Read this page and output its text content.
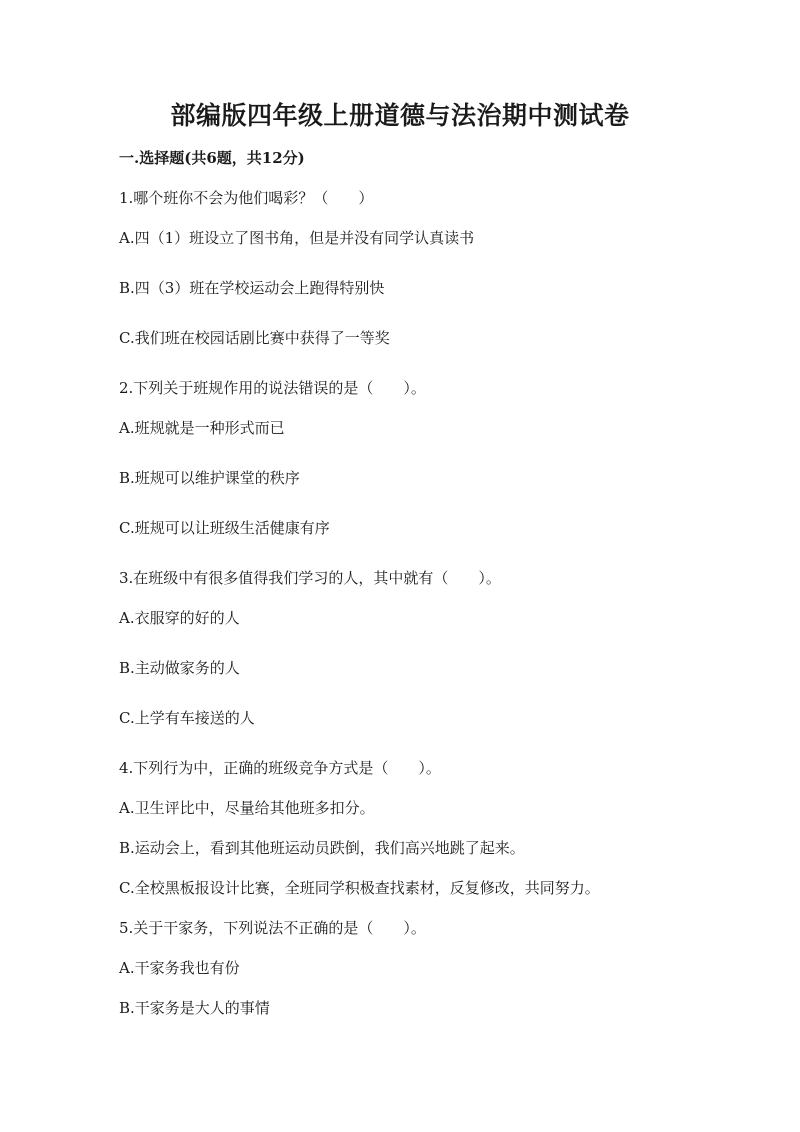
部编版四年级上册道德与法治期中测试卷
一.选择题(共6题，共12分)
1.哪个班你不会为他们喝彩？（　　）
A.四（1）班设立了图书角，但是并没有同学认真读书
B.四（3）班在学校运动会上跑得特别快
C.我们班在校园话剧比赛中获得了一等奖
2.下列关于班规作用的说法错误的是（　　）。
A.班规就是一种形式而已
B.班规可以维护课堂的秩序
C.班规可以让班级生活健康有序
3.在班级中有很多值得我们学习的人，其中就有（　　）。
A.衣服穿的好的人
B.主动做家务的人
C.上学有车接送的人
4.下列行为中，正确的班级竞争方式是（　　）。
A.卫生评比中，尽量给其他班多扣分。
B.运动会上，看到其他班运动员跌倒，我们高兴地跳了起来。
C.全校黑板报设计比赛，全班同学积极查找素材，反复修改，共同努力。
5.关于干家务，下列说法不正确的是（　　）。
A.干家务我也有份
B.干家务是大人的事情
